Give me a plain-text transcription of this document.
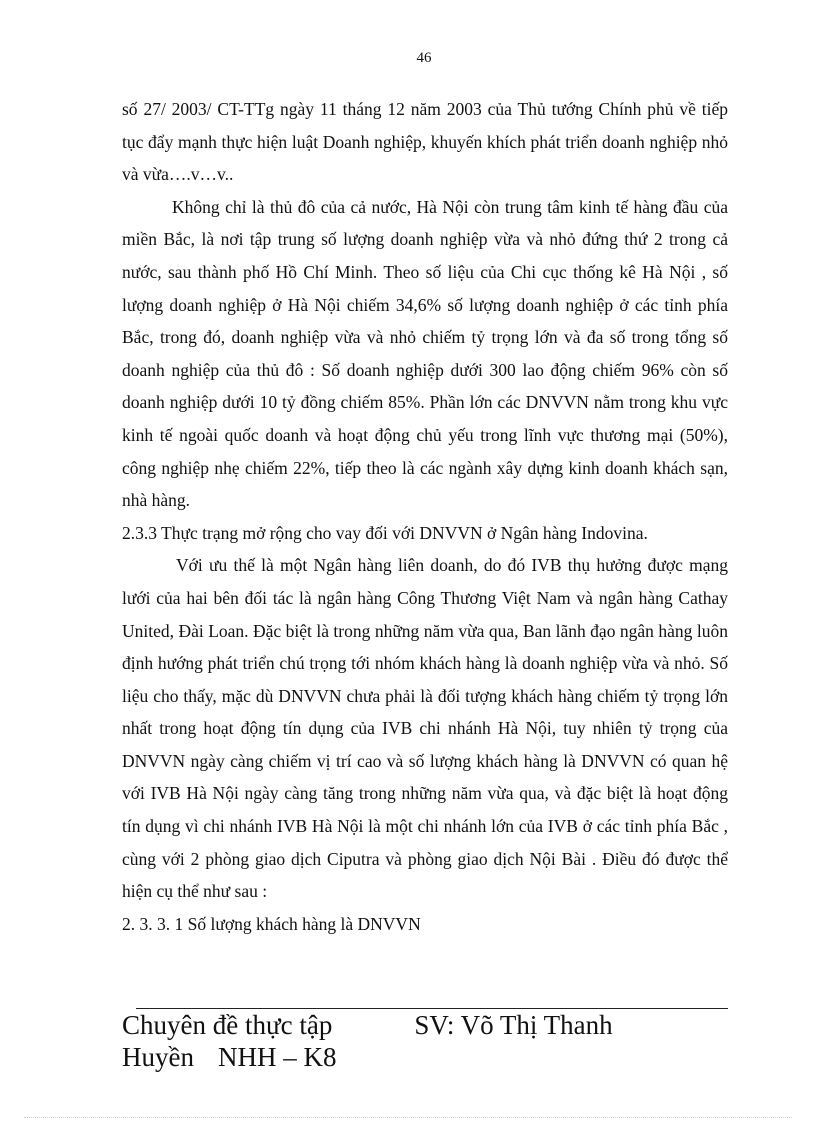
46

số 27/ 2003/ CT-TTg ngày 11 tháng 12 năm 2003 của Thủ tướng Chính phủ về tiếp tục đẩy mạnh thực hiện luật Doanh nghiệp, khuyến khích phát triển doanh nghiệp nhỏ và vừa….v…v..

Không chỉ là thủ đô của cả nước, Hà Nội còn trung tâm kinh tế hàng đầu của miền Bắc, là nơi tập trung số lượng doanh nghiệp vừa và nhỏ đứng thứ 2 trong cả nước, sau thành phố Hồ Chí Minh. Theo số liệu của Chi cục thống kê Hà Nội , số lượng doanh nghiệp ở Hà Nội chiếm 34,6% số lượng doanh nghiệp ở các tỉnh phía Bắc, trong đó, doanh nghiệp vừa và nhỏ chiếm tỷ trọng lớn và đa số trong tổng số doanh nghiệp của thủ đô : Số doanh nghiệp dưới 300 lao động chiếm 96% còn số doanh nghiệp dưới 10 tỷ đồng chiếm 85%. Phần lớn các DNVVN nằm trong khu vực kinh tế ngoài quốc doanh và hoạt động chủ yếu trong lĩnh vực thương mại (50%), công nghiệp nhẹ chiếm 22%, tiếp theo là các ngành xây dựng kinh doanh khách sạn, nhà hàng.

2.3.3 Thực trạng mở rộng cho vay đối với DNVVN ở Ngân hàng Indovina.

Với ưu thế là một Ngân hàng liên doanh, do đó IVB thụ hưởng được mạng lưới của hai bên đối tác là ngân hàng Công Thương Việt Nam và ngân hàng Cathay United, Đài Loan. Đặc biệt là trong những năm vừa qua, Ban lãnh đạo ngân hàng luôn định hướng phát triển chú trọng tới nhóm khách hàng là doanh nghiệp vừa và nhỏ. Số liệu cho thấy, mặc dù DNVVN chưa phải là đối tượng khách hàng chiếm tỷ trọng lớn nhất trong hoạt động tín dụng của IVB chi nhánh Hà Nội, tuy nhiên tỷ trọng của DNVVN ngày càng chiếm vị trí cao và số lượng khách hàng là DNVVN có quan hệ với IVB Hà Nội ngày càng tăng trong những năm vừa qua, và đặc biệt là hoạt động tín dụng vì chi nhánh IVB Hà Nội là một chi nhánh lớn của IVB ở các tỉnh phía Bắc , cùng với 2 phòng giao dịch Ciputra và phòng giao dịch Nội Bài . Điều đó được thể hiện cụ thể như sau :

2. 3. 3. 1 Số lượng khách hàng là DNVVN

Chuyên đề thực tập	SV: Võ Thị Thanh
Huyền NHH – K8
